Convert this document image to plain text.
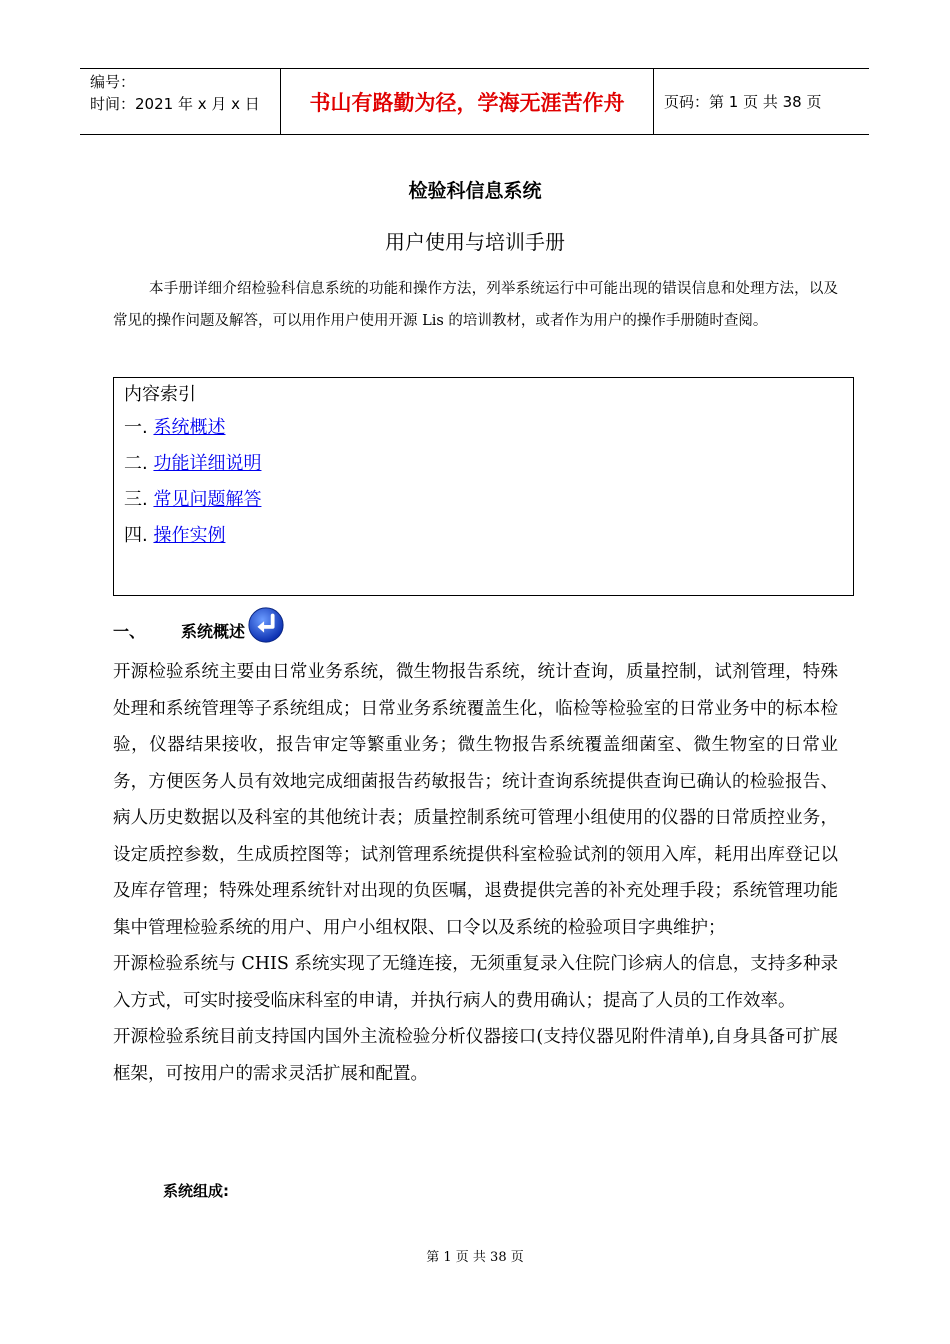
编号：
时间：2021 年 x 月 x 日	书山有路勤为径，学海无涯苦作舟	页码：第 1 页 共 38 页
检验科信息系统
用户使用与培训手册
本手册详细介绍检验科信息系统的功能和操作方法，列举系统运行中可能出现的错误信息和处理方法，以及常见的操作问题及解答，可以用作用户使用开源 Lis 的培训教材，或者作为用户的操作手册随时查阅。
内容索引
一. 系统概述
二. 功能详细说明
三. 常见问题解答
四. 操作实例
一、	系统概述

开源检验系统主要由日常业务系统，微生物报告系统，统计查询，质量控制，试剂管理，特殊处理和系统管理等子系统组成；日常业务系统覆盖生化，临检等检验室的日常业务中的标本检验，仪器结果接收，报告审定等繁重业务；微生物报告系统覆盖细菌室、微生物室的日常业务，方便医务人员有效地完成细菌报告药敏报告；统计查询系统提供查询已确认的检验报告、病人历史数据以及科室的其他统计表；质量控制系统可管理小组使用的仪器的日常质控业务，设定质控参数，生成质控图等；试剂管理系统提供科室检验试剂的领用入库，耗用出库登记以及库存管理；特殊处理系统针对出现的负医嘱，退费提供完善的补充处理手段；系统管理功能集中管理检验系统的用户、用户小组权限、口令以及系统的检验项目字典维护；

开源检验系统与 CHIS 系统实现了无缝连接，无须重复录入住院门诊病人的信息，支持多种录入方式，可实时接受临床科室的申请，并执行病人的费用确认；提高了人员的工作效率。

开源检验系统目前支持国内国外主流检验分析仪器接口(支持仪器见附件清单),自身具备可扩展框架，可按用户的需求灵活扩展和配置。

系统组成:
第 1 页 共 38 页
